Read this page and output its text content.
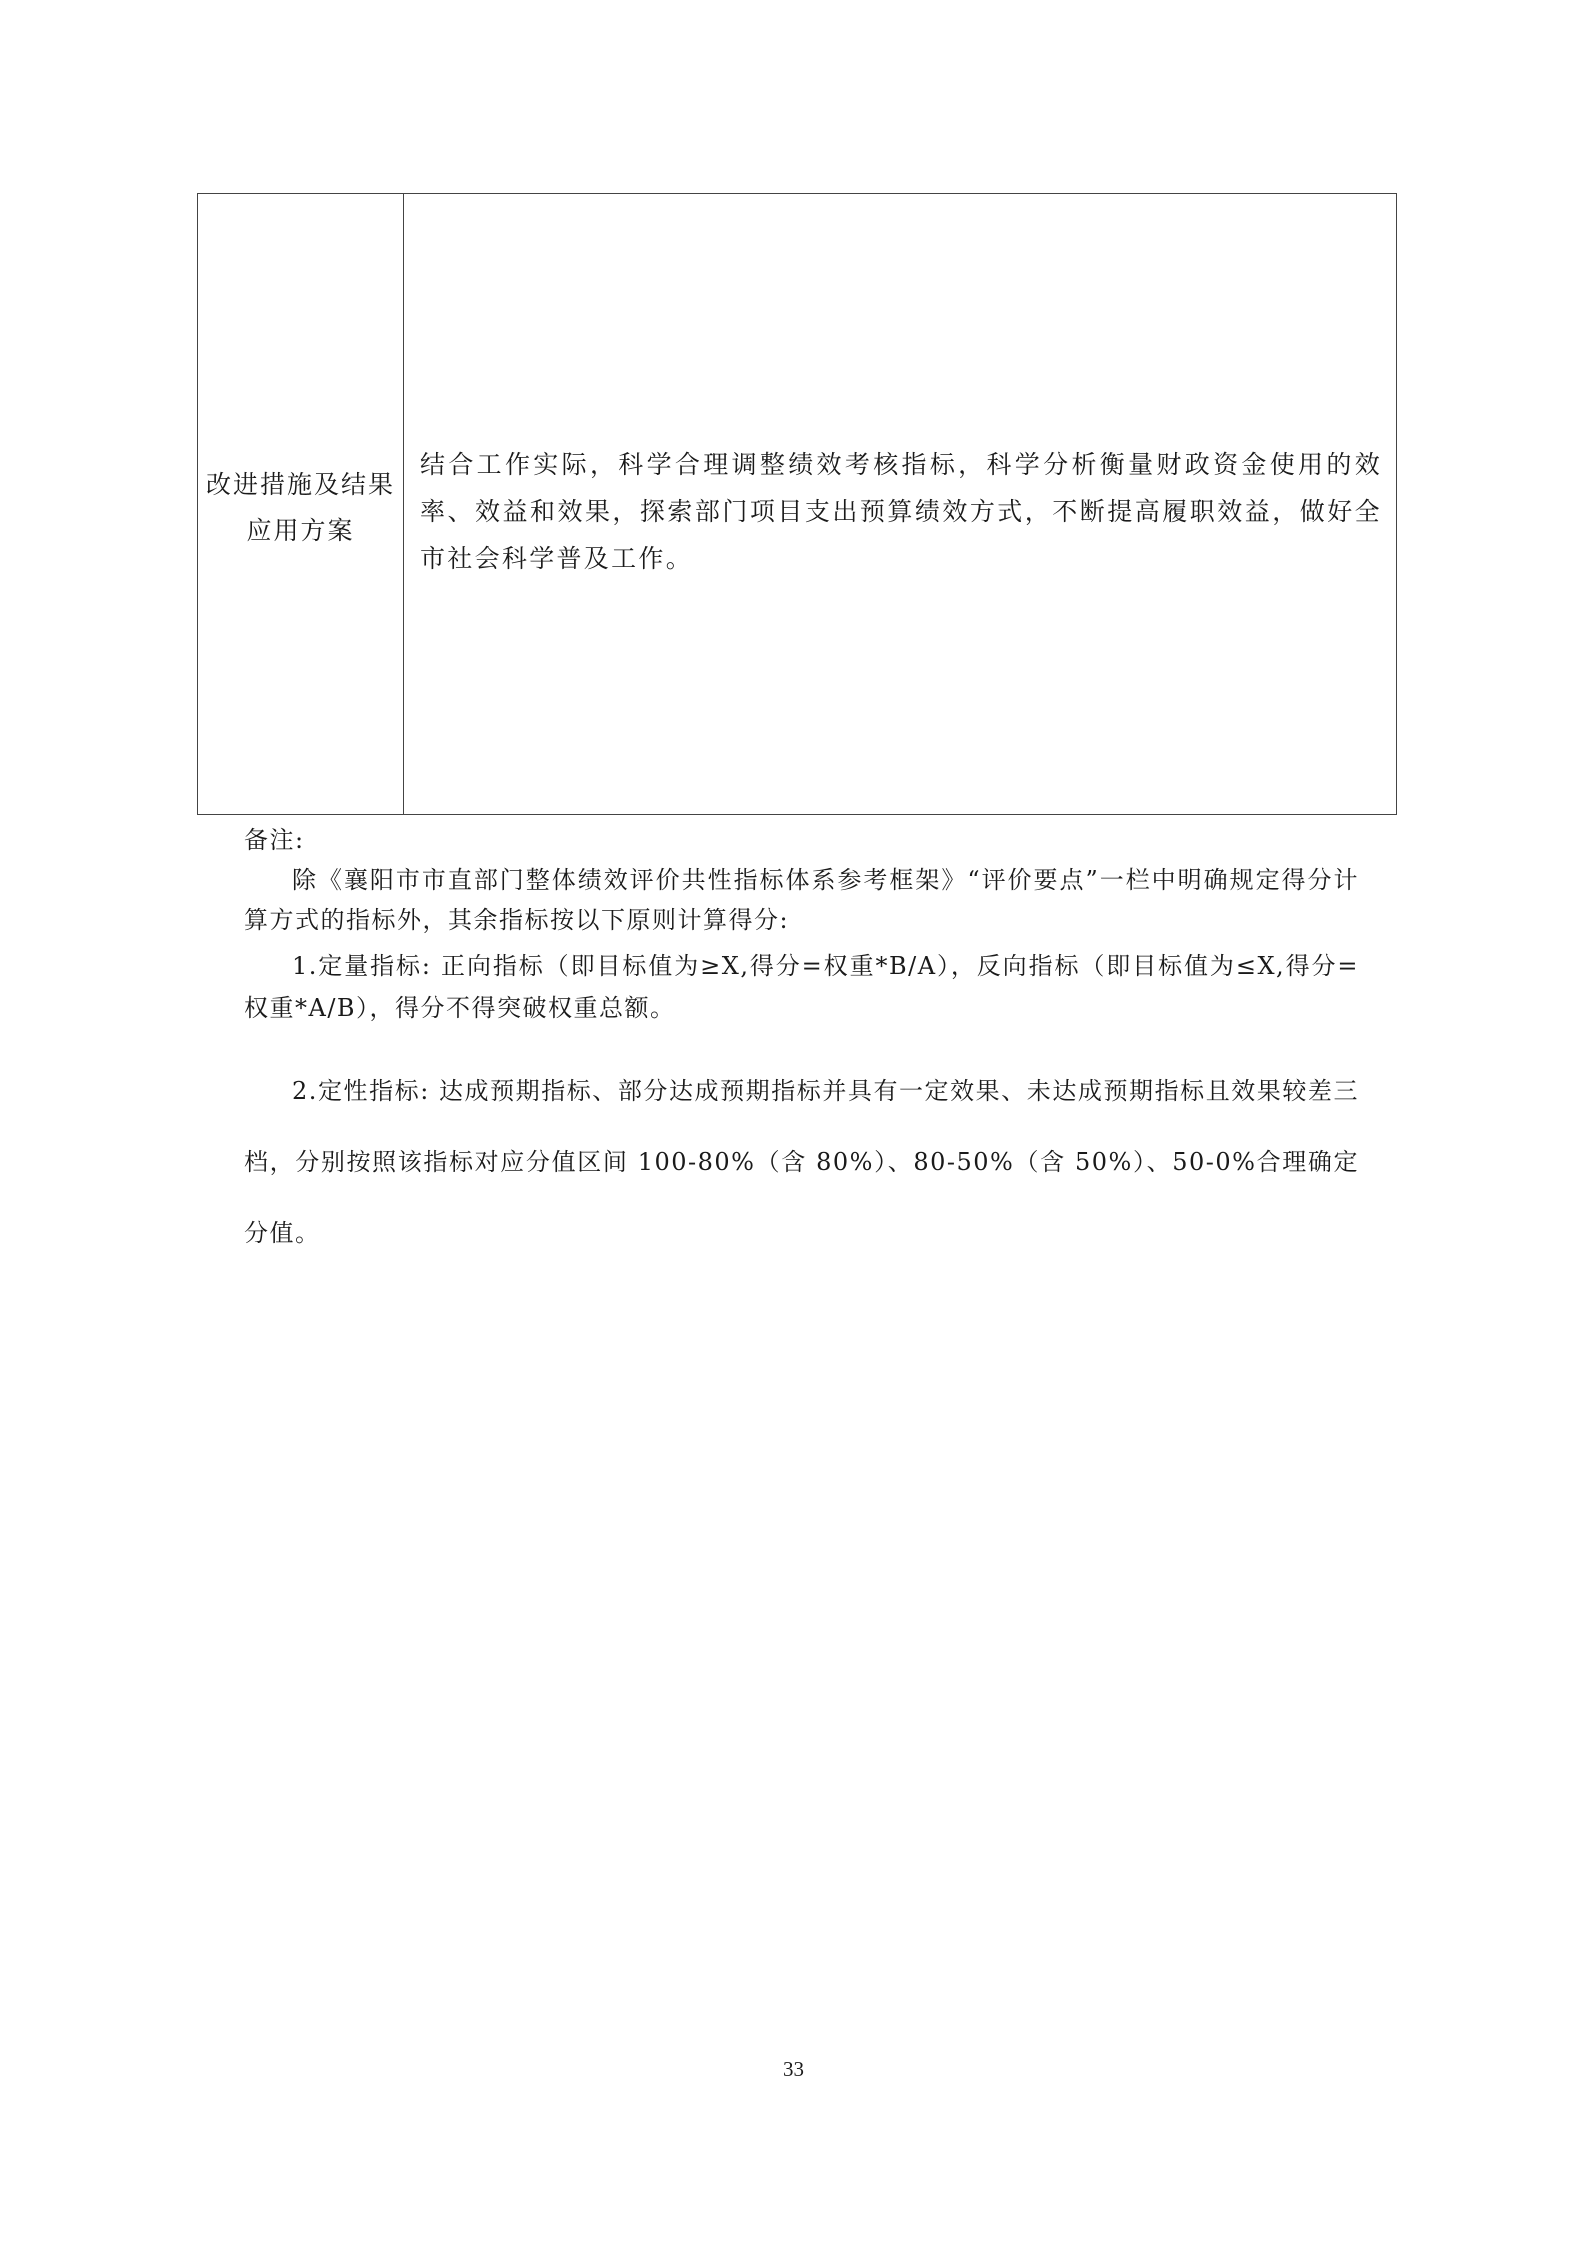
改进措施及结果应用方案
结合工作实际，科学合理调整绩效考核指标，科学分析衡量财政资金使用的效率、效益和效果，探索部门项目支出预算绩效方式，不断提高履职效益，做好全市社会科学普及工作。
备注:
除《襄阳市市直部门整体绩效评价共性指标体系参考框架》“评价要点”一栏中明确规定得分计算方式的指标外，其余指标按以下原则计算得分:
1.定量指标: 正向指标（即目标值为≥X,得分=权重*B/A），反向指标（即目标值为≤X,得分=权重*A/B），得分不得突破权重总额。
2.定性指标: 达成预期指标、部分达成预期指标并具有一定效果、未达成预期指标且效果较差三档，分别按照该指标对应分值区间 100-80%（含 80%）、80-50%（含 50%）、50-0%合理确定分值。
33
